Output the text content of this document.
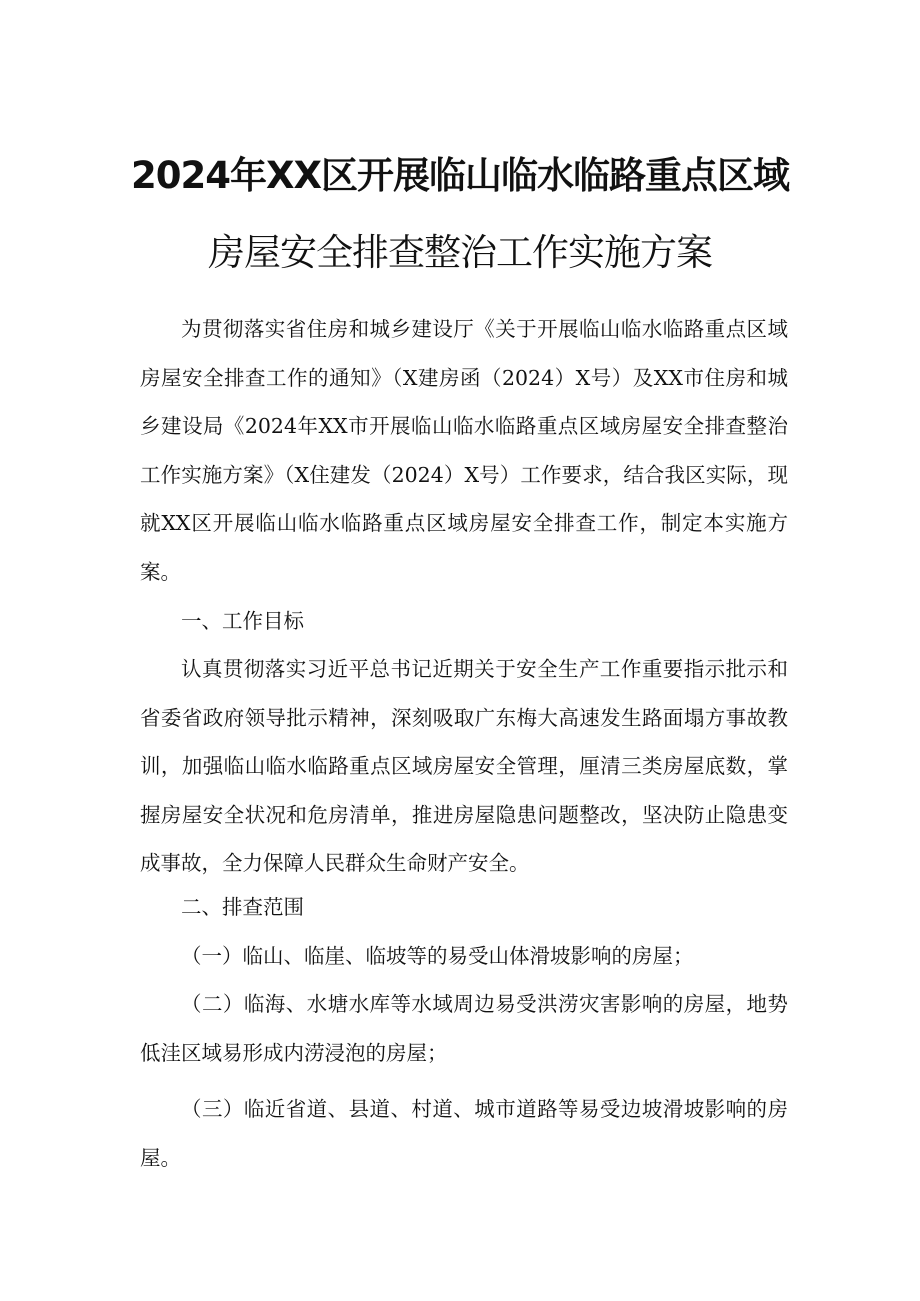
2024年XX区开展临山临水临路重点区域
房屋安全排查整治工作实施方案

为贯彻落实省住房和城乡建设厅《关于开展临山临水临路重点区域房屋安全排查工作的通知》（X建房函（2024）X号）及XX市住房和城乡建设局《2024年XX市开展临山临水临路重点区域房屋安全排查整治工作实施方案》（X住建发（2024）X号）工作要求，结合我区实际，现就XX区开展临山临水临路重点区域房屋安全排查工作，制定本实施方案。

一、工作目标

认真贯彻落实习近平总书记近期关于安全生产工作重要指示批示和省委省政府领导批示精神，深刻吸取广东梅大高速发生路面塌方事故教训，加强临山临水临路重点区域房屋安全管理，厘清三类房屋底数，掌握房屋安全状况和危房清单，推进房屋隐患问题整改，坚决防止隐患变成事故，全力保障人民群众生命财产安全。

二、排查范围

（一）临山、临崖、临坡等的易受山体滑坡影响的房屋；

（二）临海、水塘水库等水域周边易受洪涝灾害影响的房屋，地势低洼区域易形成内涝浸泡的房屋；

（三）临近省道、县道、村道、城市道路等易受边坡滑坡影响的房屋。
